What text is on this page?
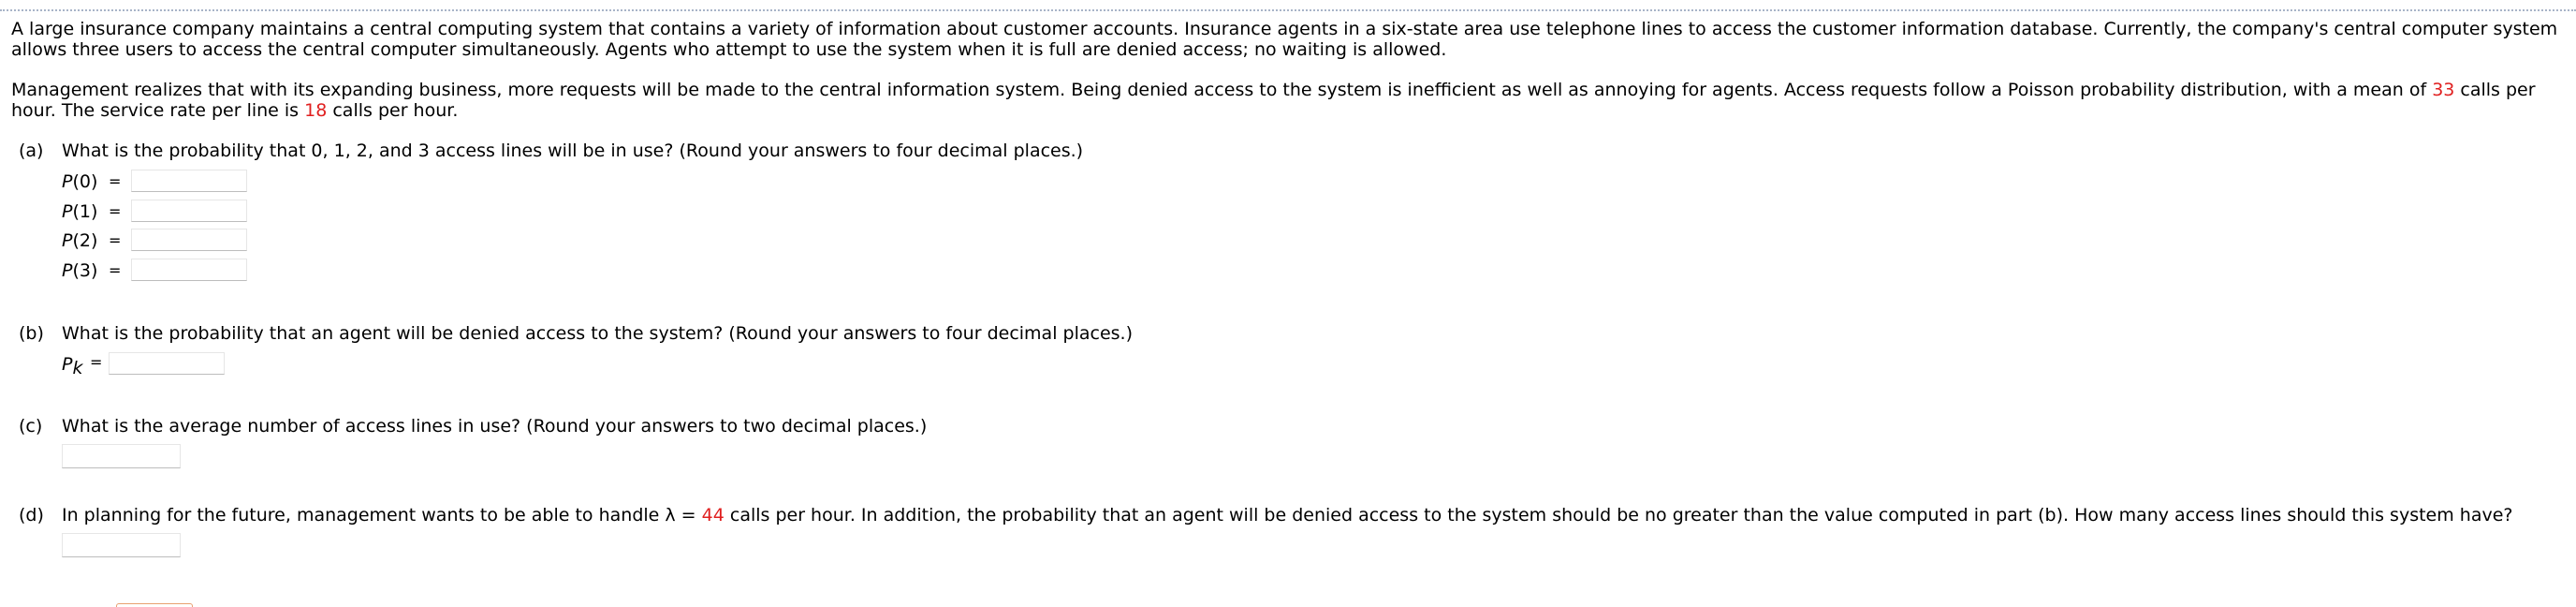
A large insurance company maintains a central computing system that contains a variety of information about customer accounts. Insurance agents in a six-state area use telephone lines to access the customer information database. Currently, the company's central computer system allows three users to access the central computer simultaneously. Agents who attempt to use the system when it is full are denied access; no waiting is allowed.

Management realizes that with its expanding business, more requests will be made to the central information system. Being denied access to the system is inefficient as well as annoying for agents. Access requests follow a Poisson probability distribution, with a mean of 33 calls per hour. The service rate per line is 18 calls per hour.

(a) What is the probability that 0, 1, 2, and 3 access lines will be in use? (Round your answers to four decimal places.)
P(0) =
P(1) =
P(2) =
P(3) =
(b) What is the probability that an agent will be denied access to the system? (Round your answers to four decimal places.)
$P_k$ =
(c) What is the average number of access lines in use? (Round your answers to two decimal places.)
(d) In planning for the future, management wants to be able to handle λ = 44 calls per hour. In addition, the probability that an agent will be denied access to the system should be no greater than the value computed in part (b). How many access lines should this system have?
